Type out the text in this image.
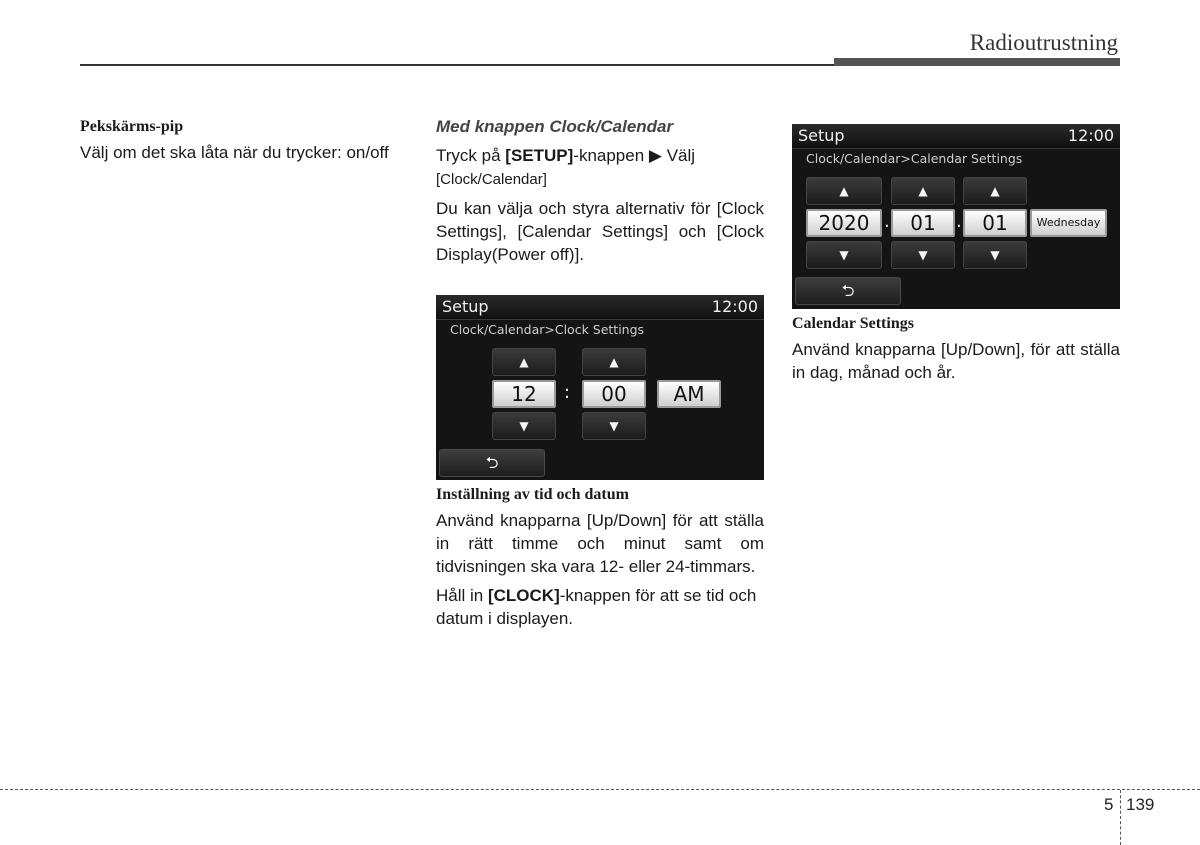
Radioutrustning
Pekskärms-pip

Välj om det ska låta när du trycker: on/off

Med knappen Clock/Calendar

Tryck på [SETUP]-knappen ▶ Välj
[Clock/Calendar]

Du kan välja och styra alternativ för [Clock Settings], [Calendar Settings] och [Clock Display(Power off)].

Setup	12:00
Clock/Calendar>Clock Settings
▲	▲
12	:	00	AM
▼	▼
⮌
Inställning av tid och datum

Använd knapparna [Up/Down] för att ställa in rätt timme och minut samt om tidvisningen ska vara 12- eller 24-timmars.

Håll in [CLOCK]-knappen för att se tid och datum i displayen.

Setup	12:00
Clock/Calendar>Calendar Settings
▲	▲	▲
2020 .	01	.	01	Wednesday
▼	▼	▼
⮌
Calendar Settings

Använd knapparna [Up/Down], för att ställa in dag, månad och år.

5 139
